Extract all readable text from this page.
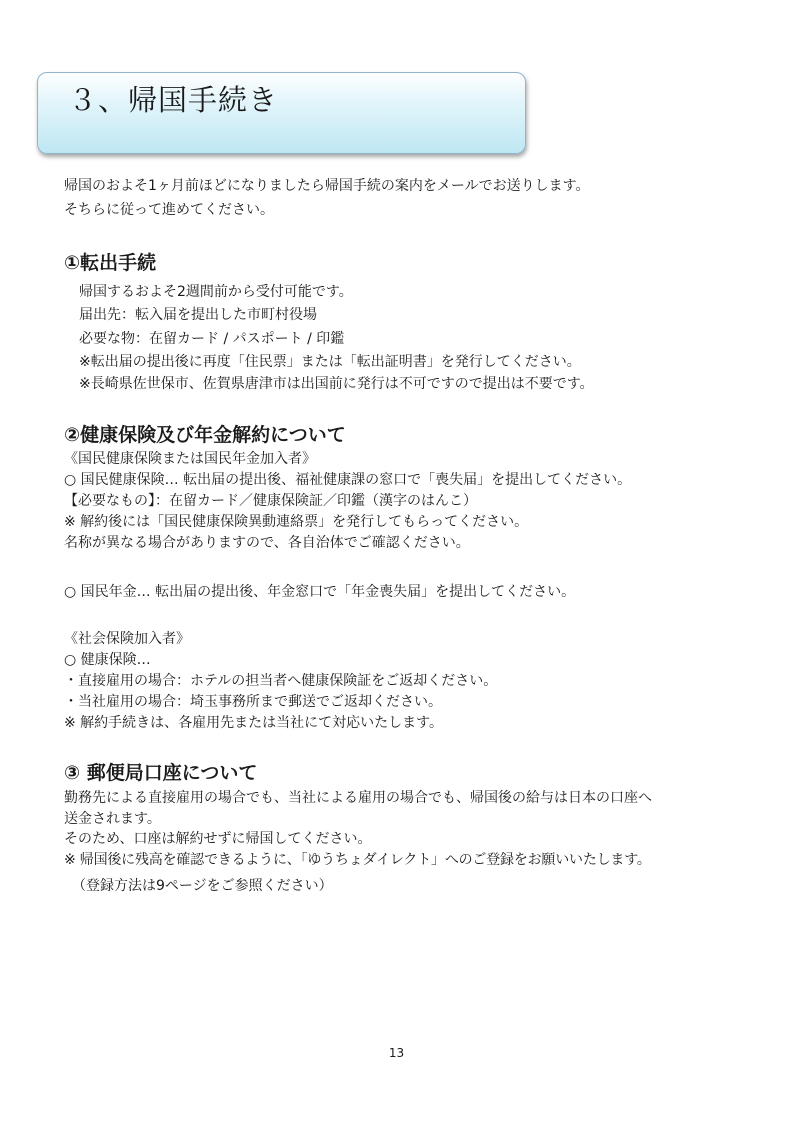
３、帰国手続き
帰国のおよそ1ヶ月前ほどになりましたら帰国手続の案内をメールでお送りします。
そちらに従って進めてください。
①転出手続
帰国するおよそ2週間前から受付可能です。
届出先：転入届を提出した市町村役場
必要な物：在留カード / パスポート / 印鑑
※転出届の提出後に再度「住民票」または「転出証明書」を発行してください。
※長崎県佐世保市、佐賀県唐津市は出国前に発行は不可ですので提出は不要です。
②健康保険及び年金解約について
《国民健康保険または国民年金加入者》
○ 国民健康保険… 転出届の提出後、福祉健康課の窓口で「喪失届」を提出してください。
【必要なもの】：在留カード／健康保険証／印鑑（漢字のはんこ）
※ 解約後には「国民健康保険異動連絡票」を発行してもらってください。
名称が異なる場合がありますので、各自治体でご確認ください。
○ 国民年金… 転出届の提出後、年金窓口で「年金喪失届」を提出してください。
《社会保険加入者》
○ 健康保険…
・直接雇用の場合：ホテルの担当者へ健康保険証をご返却ください。
・当社雇用の場合：埼玉事務所まで郵送でご返却ください。
※ 解約手続きは、各雇用先または当社にて対応いたします。
③ 郵便局口座について
勤務先による直接雇用の場合でも、当社による雇用の場合でも、帰国後の給与は日本の口座へ
送金されます。
そのため、口座は解約せずに帰国してください。
※ 帰国後に残高を確認できるように、「ゆうちょダイレクト」へのご登録をお願いいたします。
（登録方法は9ページをご参照ください）
13
